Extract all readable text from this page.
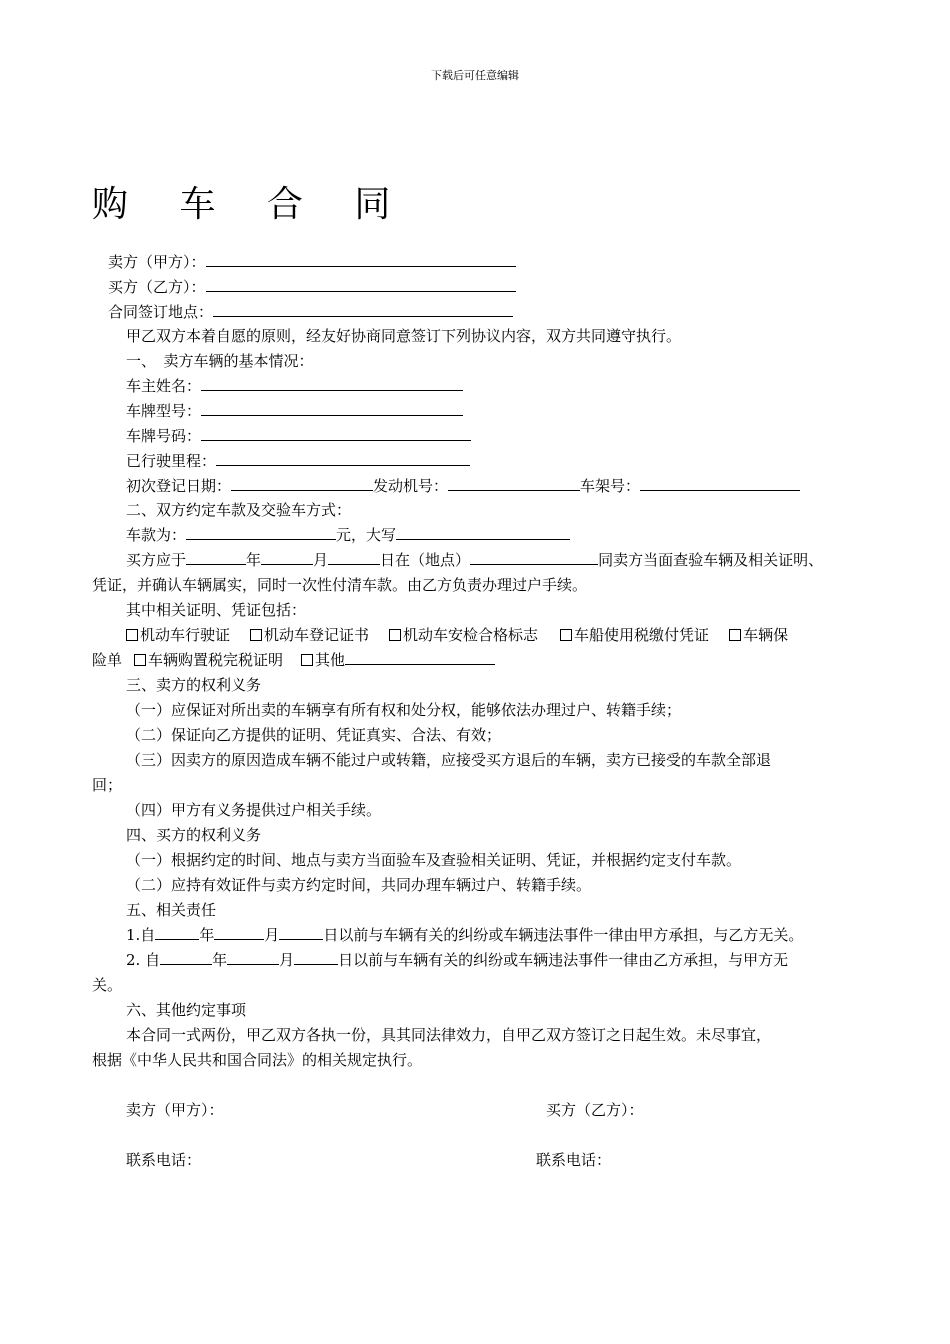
下载后可任意编辑
购 车 合 同
卖方（甲方）：
买方（乙方）：
合同签订地点：
甲乙双方本着自愿的原则，经友好协商同意签订下列协议内容，双方共同遵守执行。
一、　卖方车辆的基本情况：
车主姓名：
车牌型号：
车牌号码：
已行驶里程：
初次登记日期：	发动机号：	车架号：
二、双方约定车款及交验车方式：
车款为：	元，大写
买方应于	年	月	日在（地点）	同卖方当面查验车辆及相关证明、
凭证，并确认车辆属实，同时一次性付清车款。由乙方负责办理过户手续。
其中相关证明、凭证包括：
机动车行驶证 机动车登记证书 机动车安检合格标志 车船使用税缴付凭证 车辆保
险单 车辆购置税完税证明 其他
三、卖方的权利义务
（一）应保证对所出卖的车辆享有所有权和处分权，能够依法办理过户、转籍手续；
（二）保证向乙方提供的证明、凭证真实、合法、有效；
（三）因卖方的原因造成车辆不能过户或转籍，应接受买方退后的车辆，卖方已接受的车款全部退
回；
（四）甲方有义务提供过户相关手续。
四、买方的权利义务
（一）根据约定的时间、地点与卖方当面验车及查验相关证明、凭证，并根据约定支付车款。
（二）应持有效证件与卖方约定时间，共同办理车辆过户、转籍手续。
五、相关责任
1.自	年	月	日以前与车辆有关的纠纷或车辆违法事件一律由甲方承担，与乙方无关。
2. 自	年	月	日以前与车辆有关的纠纷或车辆违法事件一律由乙方承担，与甲方无
关。
六、其他约定事项
本合同一式两份，甲乙双方各执一份，具其同法律效力，自甲乙双方签订之日起生效。未尽事宜，
根据《中华人民共和国合同法》的相关规定执行。
卖方（甲方）：	买方（乙方）：
联系电话：	联系电话：
